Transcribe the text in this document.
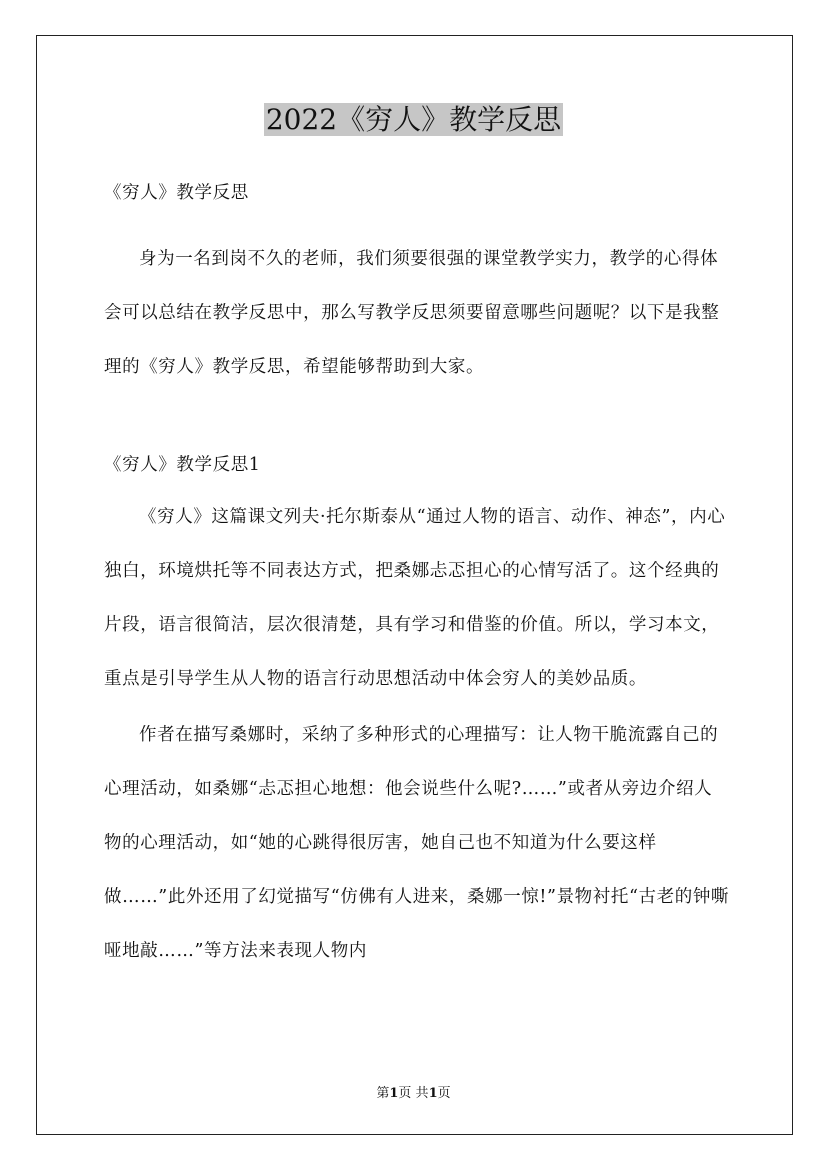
2022《穷人》教学反思

《穷人》教学反思

身为一名到岗不久的老师，我们须要很强的课堂教学实力，教学的心得体会可以总结在教学反思中，那么写教学反思须要留意哪些问题呢？以下是我整理的《穷人》教学反思，希望能够帮助到大家。

《穷人》教学反思1

《穷人》这篇课文列夫·托尔斯泰从“通过人物的语言、动作、神态”，内心独白，环境烘托等不同表达方式，把桑娜忐忑担心的心情写活了。这个经典的片段，语言很简洁，层次很清楚，具有学习和借鉴的价值。所以，学习本文，重点是引导学生从人物的语言行动思想活动中体会穷人的美妙品质。

作者在描写桑娜时，采纳了多种形式的心理描写：让人物干脆流露自己的心理活动，如桑娜“忐忑担心地想：他会说些什么呢?……”或者从旁边介绍人物的心理活动，如“她的心跳得很厉害，她自己也不知道为什么要这样做……”此外还用了幻觉描写“仿佛有人进来，桑娜一惊!”景物衬托“古老的钟嘶哑地敲……”等方法来表现人物内

第1页 共1页
